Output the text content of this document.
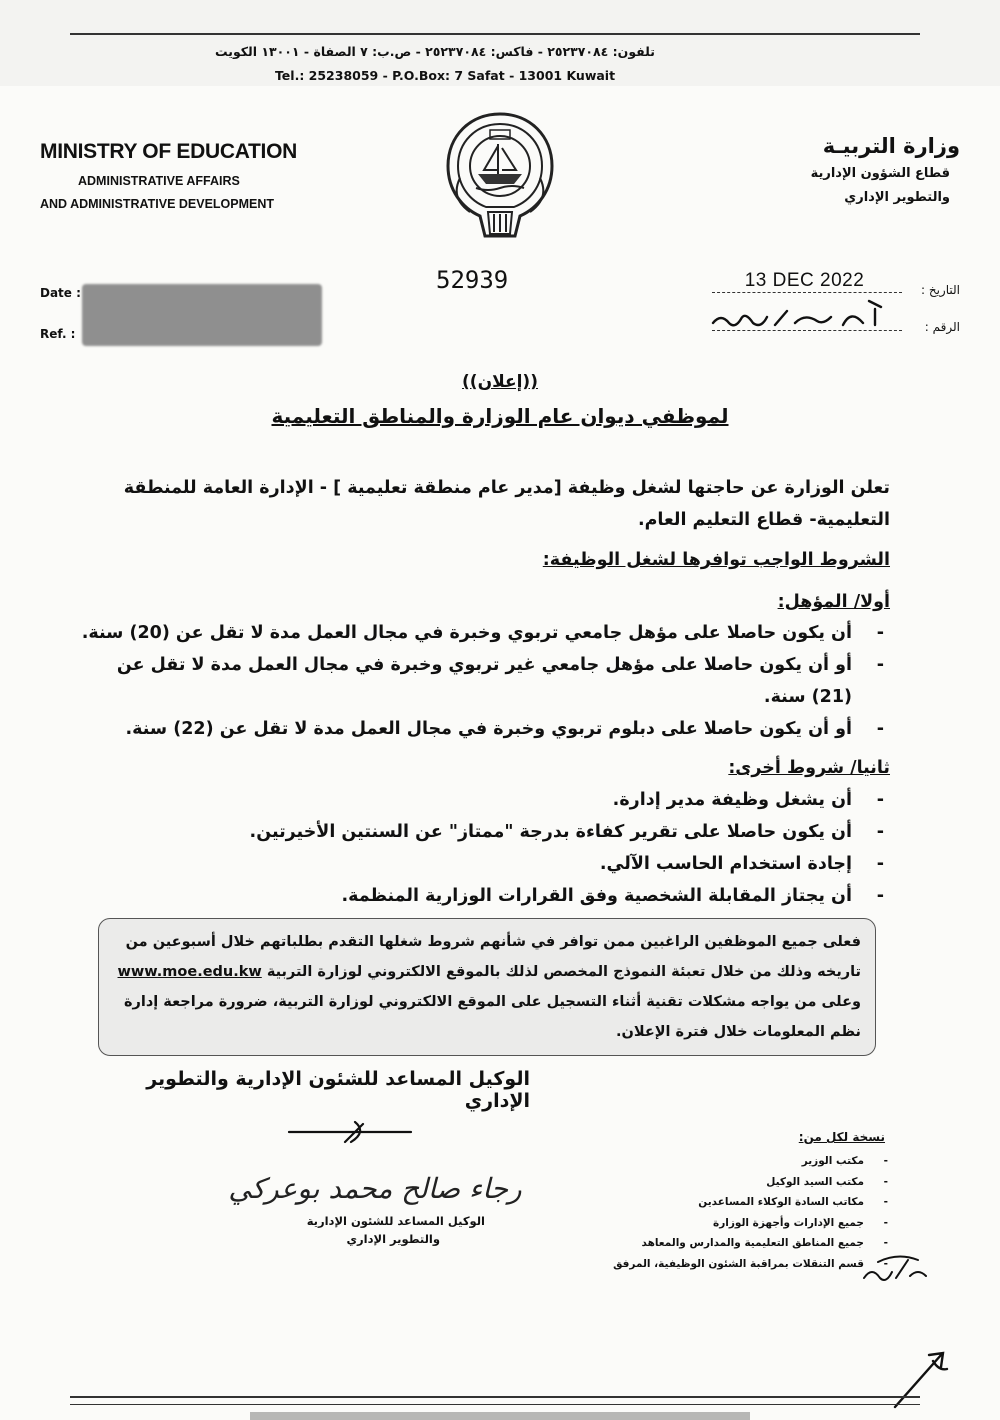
تلفون: ٢٥٢٣٧٠٨٤ - فاكس: ٢٥٢٣٧٠٨٤ - ص.ب: ٧ الصفاة - ١٣٠٠١ الكويت
Tel.: 25238059 - P.O.Box: 7 Safat - 13001 Kuwait
MINISTRY OF EDUCATION
ADMINISTRATIVE AFFAIRS
AND ADMINISTRATIVE DEVELOPMENT
وزارة التربيـة
قطاع الشؤون الإدارية
والتطوير الإداري
52939
Date :
Ref. :
13 DEC 2022	التاريخ :
الرقم :
((إعلان))
لموظفي ديوان عام الوزارة والمناطق التعليمية
تعلن الوزارة عن حاجتها لشغل وظيفة [مدير عام منطقة تعليمية ] - الإدارة العامة للمنطقة التعليمية- قطاع التعليم العام.
الشروط الواجب توافرها لشغل الوظيفة:
أولا/ المؤهل:
- أن يكون حاصلا على مؤهل جامعي تربوي وخبرة في مجال العمل مدة لا تقل عن (20) سنة.
- أو أن يكون حاصلا على مؤهل جامعي غير تربوي وخبرة في مجال العمل مدة لا تقل عن (21) سنة.
- أو أن يكون حاصلا على دبلوم تربوي وخبرة في مجال العمل مدة لا تقل عن (22) سنة.
ثانيا/ شروط أخرى:
- أن يشغل وظيفة مدير إدارة.
- أن يكون حاصلا على تقرير كفاءة بدرجة "ممتاز" عن السنتين الأخيرتين.
- إجادة استخدام الحاسب الآلي.
- أن يجتاز المقابلة الشخصية وفق القرارات الوزارية المنظمة.
فعلى جميع الموظفين الراغبين ممن توافر في شأنهم شروط شغلها التقدم بطلباتهم خلال أسبوعين من تاريخه وذلك من خلال تعبئة النموذج المخصص لذلك بالموقع الالكتروني لوزارة التربية www.moe.edu.kw وعلى من يواجه مشكلات تقنية أثناء التسجيل على الموقع الالكتروني لوزارة التربية، ضرورة مراجعة إدارة نظم المعلومات خلال فترة الإعلان.
الوكيل المساعد للشئون الإدارية والتطوير الإداري
رجاء صالح محمد بوعركي
الوكيل المساعد للشئون الإدارية
والتطوير الإداري
نسخة لكل من:
- مكتب الوزير
- مكتب السيد الوكيل
- مكاتب السادة الوكلاء المساعدين
- جميع الإدارات وأجهزة الوزارة
- جميع المناطق التعليمية والمدارس والمعاهد
- قسم التنقلات بمراقبة الشئون الوظيفية، المرفق
